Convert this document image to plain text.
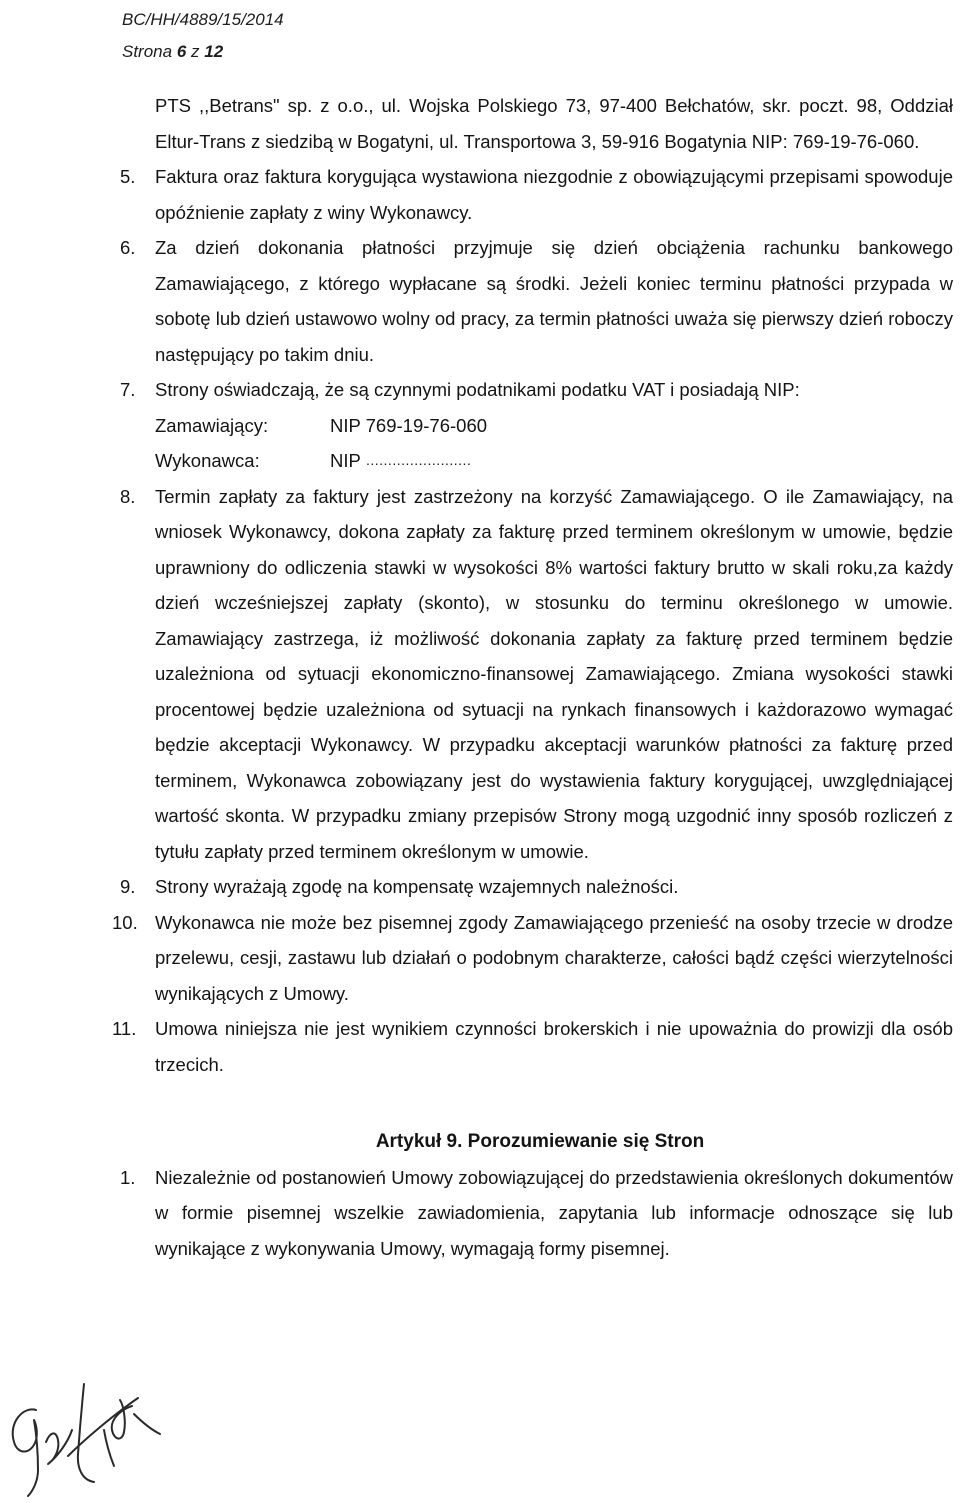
BC/HH/4889/15/2014
Strona 6 z 12

PTS ,,Betrans" sp. z o.o., ul. Wojska Polskiego 73, 97-400 Bełchatów, skr. poczt. 98, Oddział Eltur-Trans z siedzibą w Bogatyni, ul. Transportowa 3, 59-916 Bogatynia NIP: 769-19-76-060.

5. Faktura oraz faktura korygująca wystawiona niezgodnie z obowiązującymi przepisami spowoduje opóźnienie zapłaty z winy Wykonawcy.
6. Za dzień dokonania płatności przyjmuje się dzień obciążenia rachunku bankowego Zamawiającego, z którego wypłacane są środki. Jeżeli koniec terminu płatności przypada w sobotę lub dzień ustawowo wolny od pracy, za termin płatności uważa się pierwszy dzień roboczy następujący po takim dniu.
7. Strony oświadczają, że są czynnymi podatnikami podatku VAT i posiadają NIP:
Zamawiający:	NIP 769-19-76-060
Wykonawca:	NIP
........................
8. Termin zapłaty za faktury jest zastrzeżony na korzyść Zamawiającego. O ile Zamawiający, na wniosek Wykonawcy, dokona zapłaty za fakturę przed terminem określonym w umowie, będzie uprawniony do odliczenia stawki w wysokości 8% wartości faktury brutto w skali roku,za każdy dzień wcześniejszej zapłaty (skonto), w stosunku do terminu określonego w umowie. Zamawiający zastrzega, iż możliwość dokonania zapłaty za fakturę przed terminem będzie uzależniona od sytuacji ekonomiczno-finansowej Zamawiającego. Zmiana wysokości stawki procentowej będzie uzależniona od sytuacji na rynkach finansowych i każdorazowo wymagać będzie akceptacji Wykonawcy. W przypadku akceptacji warunków płatności za fakturę przed terminem, Wykonawca zobowiązany jest do wystawienia faktury korygującej, uwzględniającej wartość skonta. W przypadku zmiany przepisów Strony mogą uzgodnić inny sposób rozliczeń z tytułu zapłaty przed terminem określonym w umowie.
9. Strony wyrażają zgodę na kompensatę wzajemnych należności.
10. Wykonawca nie może bez pisemnej zgody Zamawiającego przenieść na osoby trzecie w drodze przelewu, cesji, zastawu lub działań o podobnym charakterze, całości bądź części wierzytelności wynikających z Umowy.
11. Umowa niniejsza nie jest wynikiem czynności brokerskich i nie upoważnia do prowizji dla osób trzecich.
Artykuł 9. Porozumiewanie się Stron
1. Niezależnie od postanowień Umowy zobowiązującej do przedstawienia określonych dokumentów w formie pisemnej wszelkie zawiadomienia, zapytania lub informacje odnoszące się lub wynikające z wykonywania Umowy, wymagają formy pisemnej.
